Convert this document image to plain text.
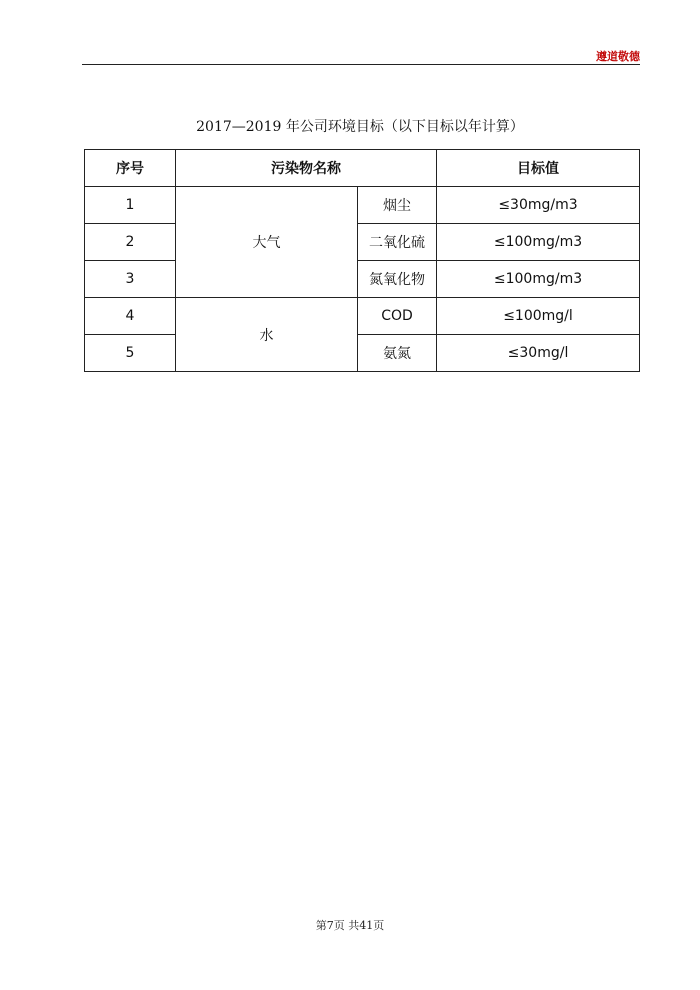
遵道敬德
2017—2019 年公司环境目标（以下目标以年计算）
序号	污染物名称		目标值
1	大气	烟尘	≤30mg/m3
2		二氧化硫	≤100mg/m3
3		氮氧化物	≤100mg/m3
4	水	COD	≤100mg/l
5		氨氮	≤30mg/l
第7页 共41页
